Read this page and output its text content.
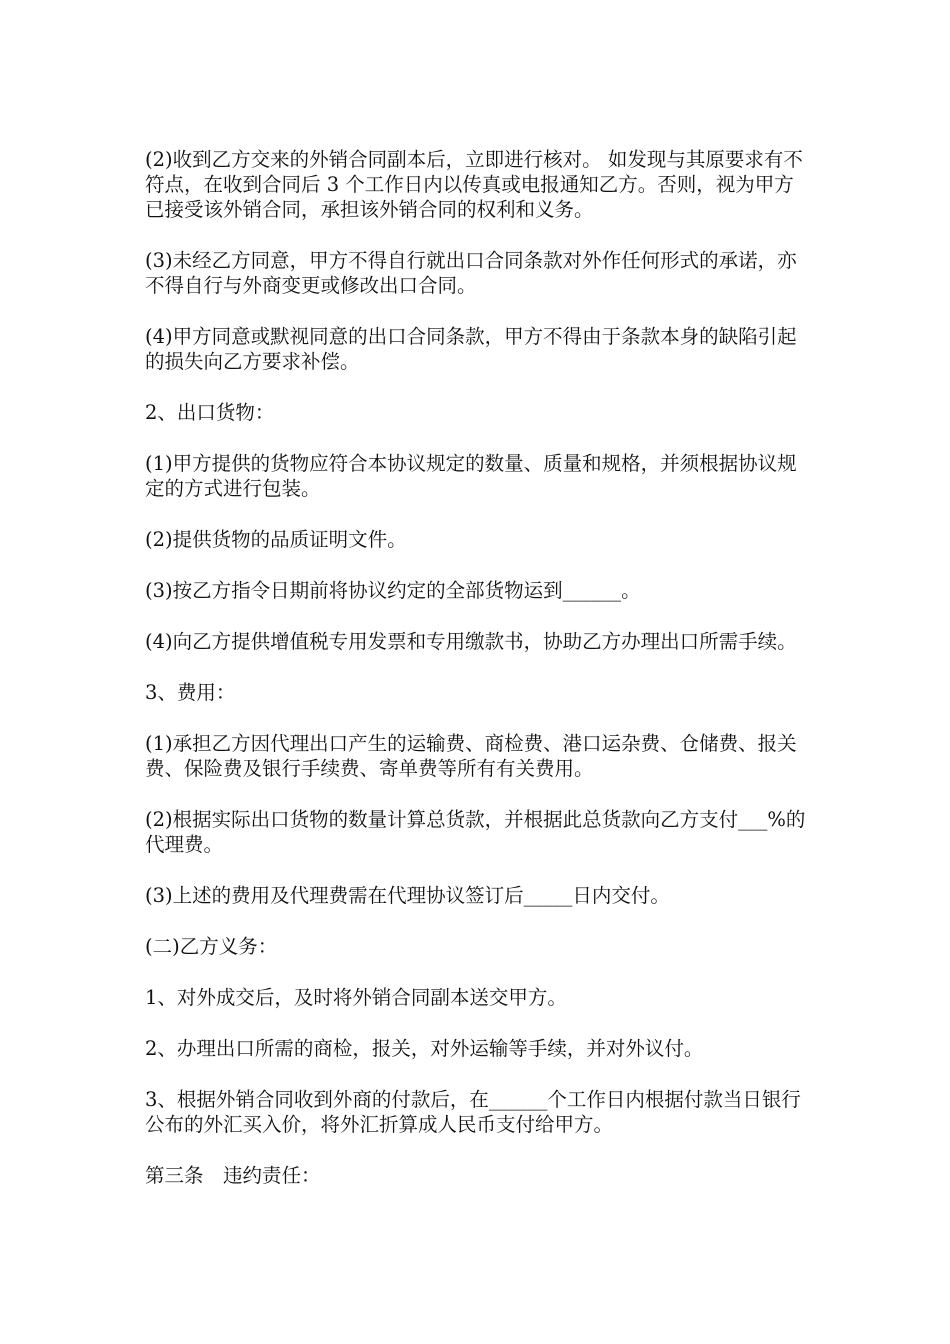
(2)收到乙方交来的外销合同副本后，立即进行核对。 如发现与其原要求有不符点，在收到合同后 3 个工作日内以传真或电报通知乙方。否则，视为甲方已接受该外销合同，承担该外销合同的权利和义务。

(3)未经乙方同意，甲方不得自行就出口合同条款对外作任何形式的承诺，亦不得自行与外商变更或修改出口合同。

(4)甲方同意或默视同意的出口合同条款，甲方不得由于条款本身的缺陷引起的损失向乙方要求补偿。

2、出口货物：

(1)甲方提供的货物应符合本协议规定的数量、质量和规格，并须根据协议规定的方式进行包装。

(2)提供货物的品质证明文件。

(3)按乙方指令日期前将协议约定的全部货物运到______。

(4)向乙方提供增值税专用发票和专用缴款书，协助乙方办理出口所需手续。

3、费用：

(1)承担乙方因代理出口产生的运输费、商检费、港口运杂费、仓储费、报关费、保险费及银行手续费、寄单费等所有有关费用。

(2)根据实际出口货物的数量计算总货款，并根据此总货款向乙方支付___%的代理费。

(3)上述的费用及代理费需在代理协议签订后_____日内交付。

(二)乙方义务：

1、对外成交后，及时将外销合同副本送交甲方。

2、办理出口所需的商检，报关，对外运输等手续，并对外议付。

3、根据外销合同收到外商的付款后，在______个工作日内根据付款当日银行公布的外汇买入价，将外汇折算成人民币支付给甲方。

第三条　违约责任：
